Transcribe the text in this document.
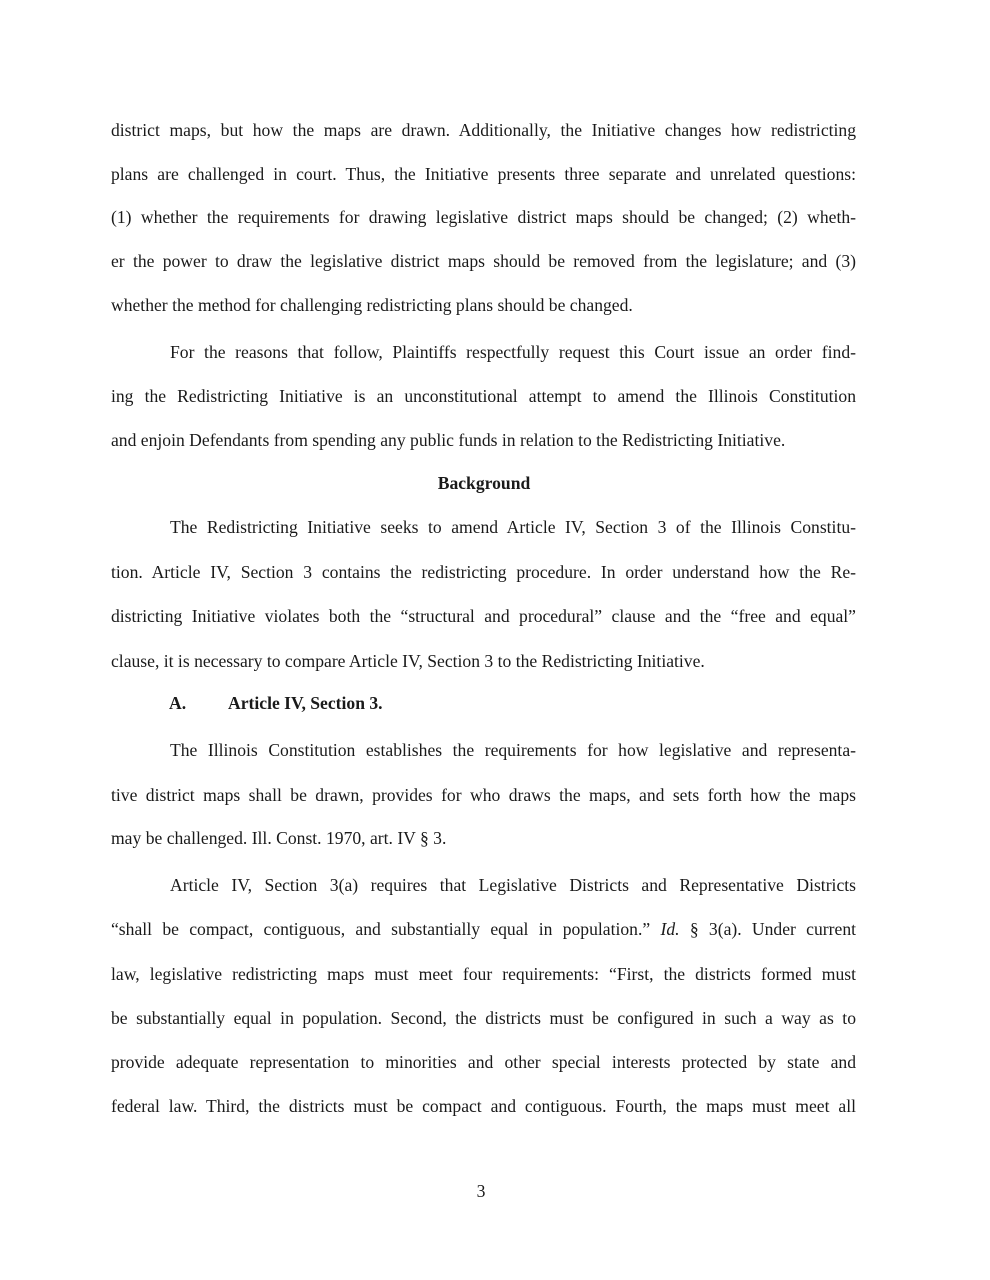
district maps, but how the maps are drawn. Additionally, the Initiative changes how redistricting
plans are challenged in court. Thus, the Initiative presents three separate and unrelated questions:
(1) whether the requirements for drawing legislative district maps should be changed; (2) wheth-
er the power to draw the legislative district maps should be removed from the legislature; and (3)
whether the method for challenging redistricting plans should be changed.
For the reasons that follow, Plaintiffs respectfully request this Court issue an order find-
ing the Redistricting Initiative is an unconstitutional attempt to amend the Illinois Constitution
and enjoin Defendants from spending any public funds in relation to the Redistricting Initiative.
Background
The Redistricting Initiative seeks to amend Article IV, Section 3 of the Illinois Constitu-
tion. Article IV, Section 3 contains the redistricting procedure. In order understand how the Re-
districting Initiative violates both the “structural and procedural” clause and the “free and equal”
clause, it is necessary to compare Article IV, Section 3 to the Redistricting Initiative.
A. Article IV, Section 3.
The Illinois Constitution establishes the requirements for how legislative and representa-
tive district maps shall be drawn, provides for who draws the maps, and sets forth how the maps
may be challenged. Ill. Const. 1970, art. IV § 3.
Article IV, Section 3(a) requires that Legislative Districts and Representative Districts
“shall be compact, contiguous, and substantially equal in population.” Id. § 3(a). Under current
law, legislative redistricting maps must meet four requirements: “First, the districts formed must
be substantially equal in population. Second, the districts must be configured in such a way as to
provide adequate representation to minorities and other special interests protected by state and
federal law. Third, the districts must be compact and contiguous. Fourth, the maps must meet all
3
